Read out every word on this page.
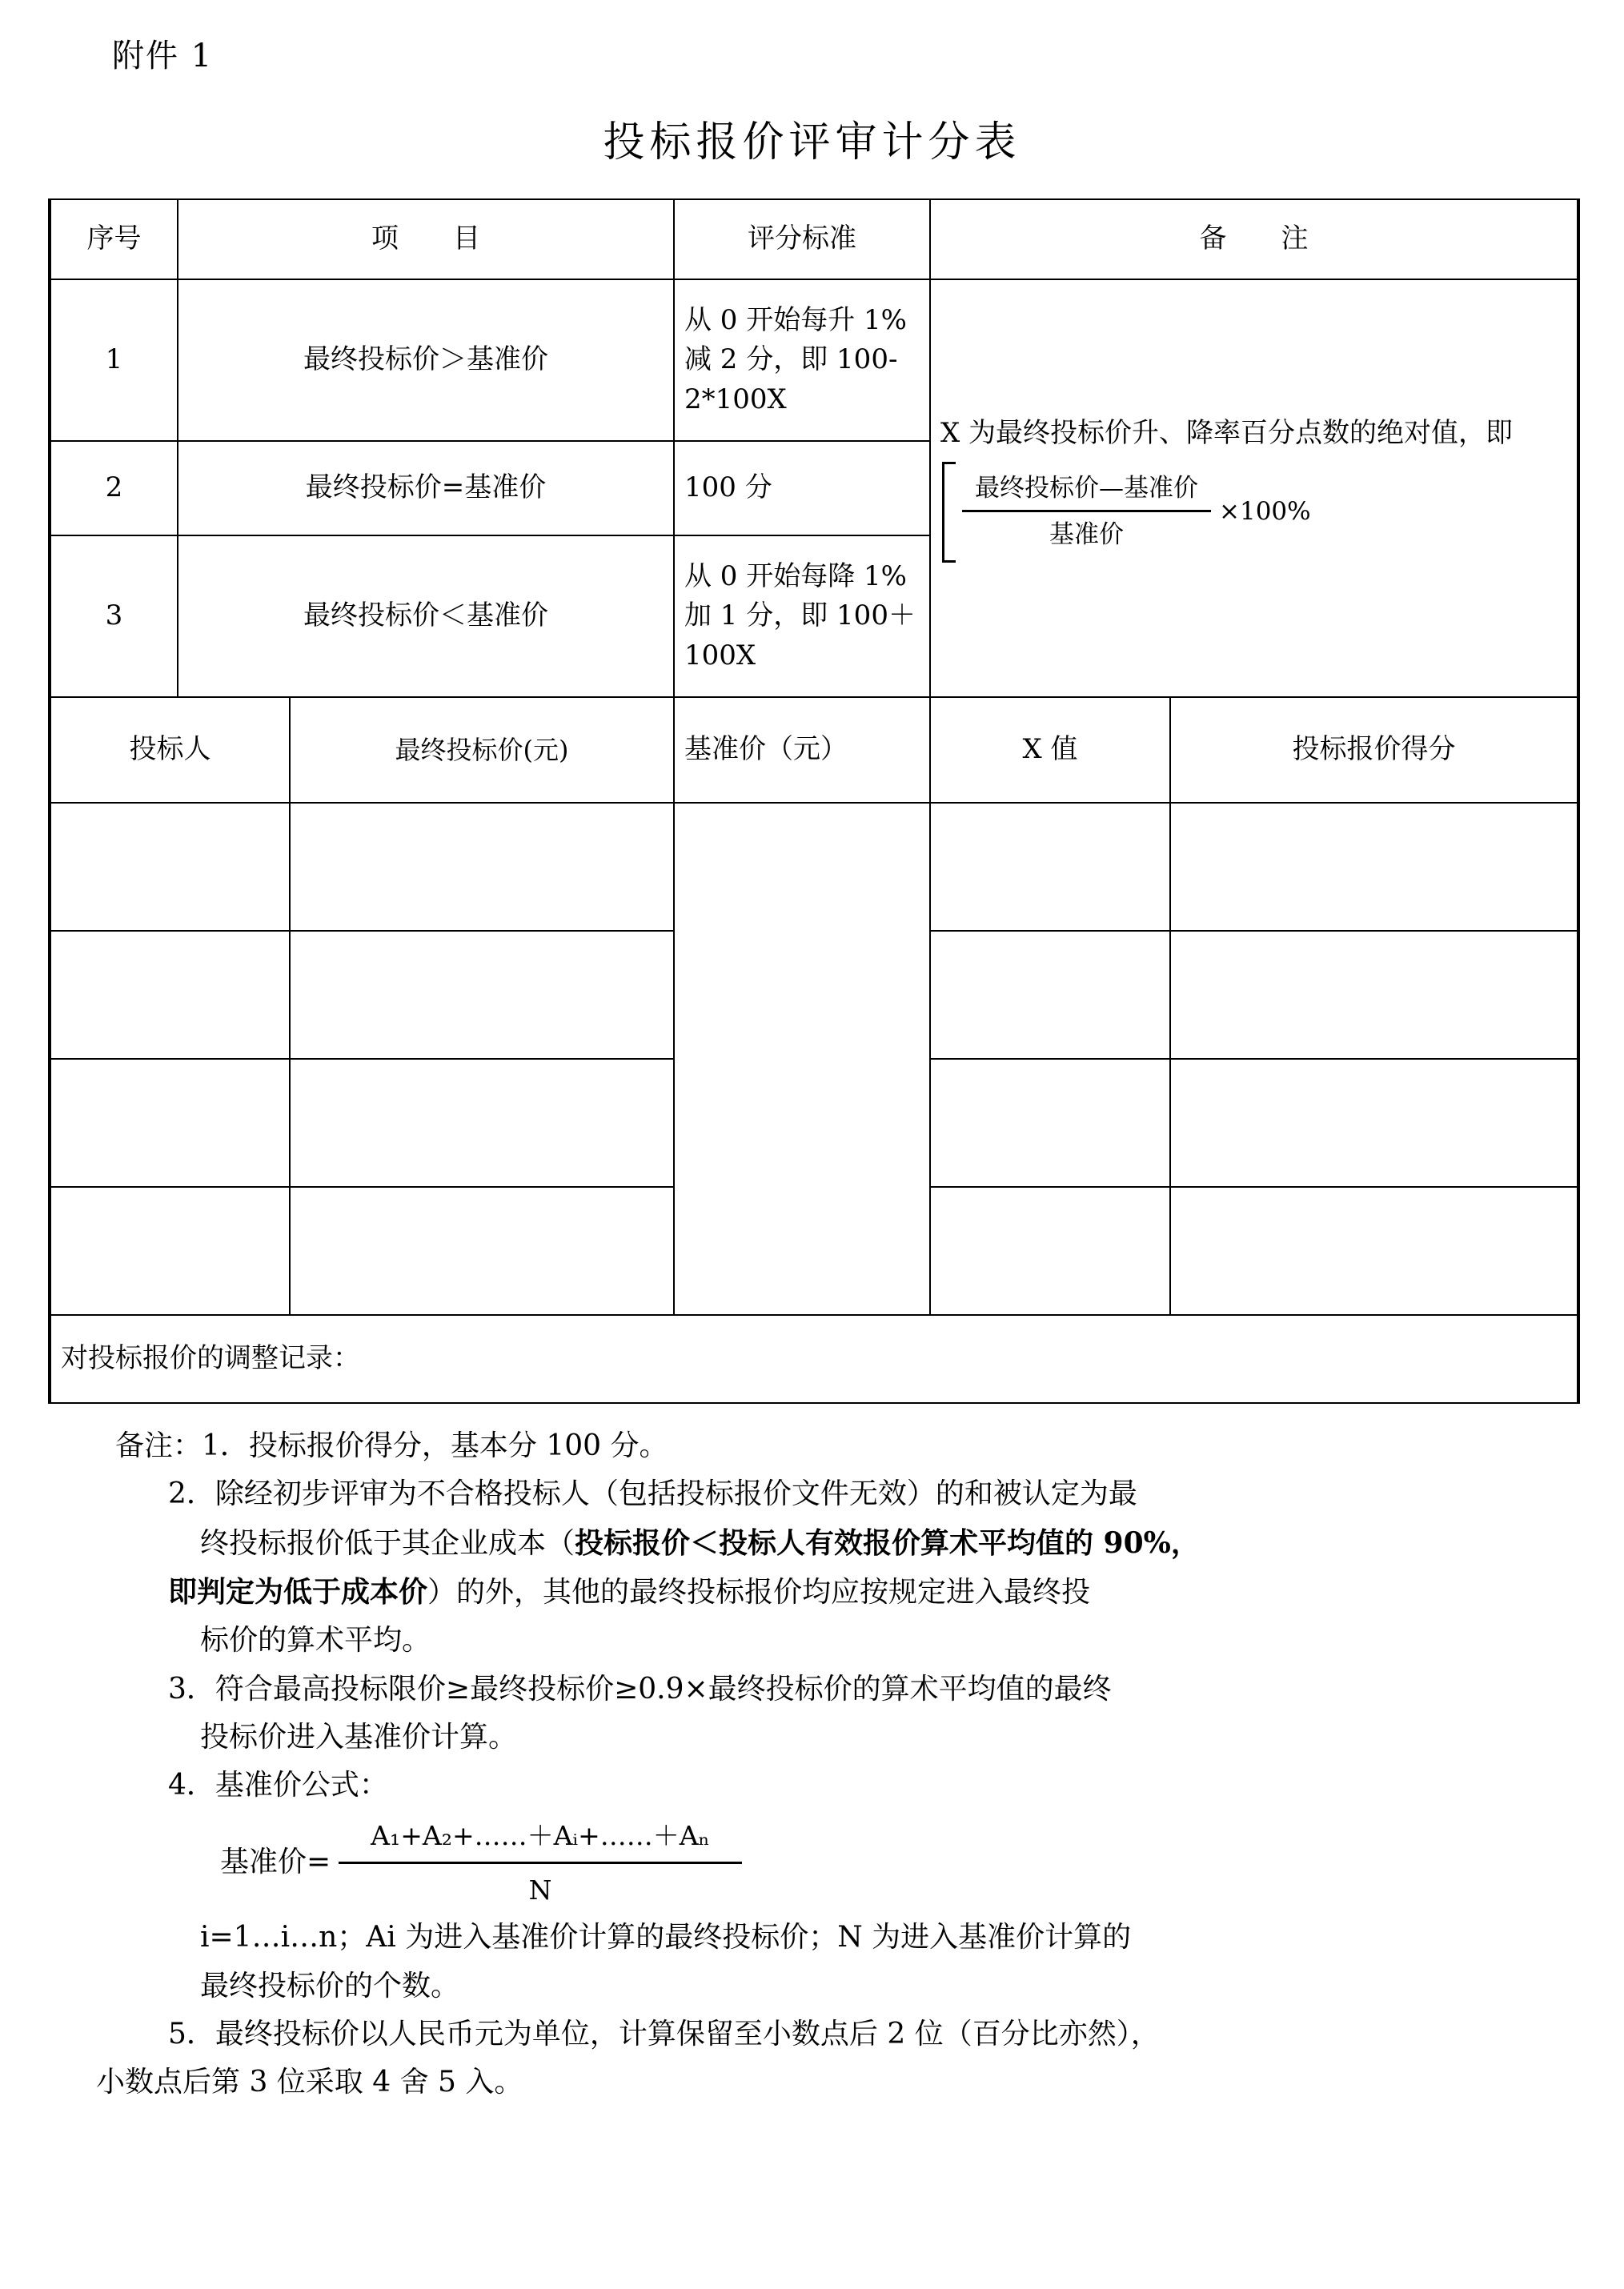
附件 1
投标报价评审计分表
序号	项　　目		评分标准	备　　注	
1	最终投标价＞基准价		从 0 开始每升 1%减 2 分，即 100-2*100X	X 为最终投标价升、降率百分点数的绝对值，即
$\frac{\text{最终投标价—基准价}}{\text{基准价}} \times 100\%$	

2	最终投标价=基准价		100 分		
3	最终投标价＜基准价		从 0 开始每降 1%加 1 分，即 100＋100X		
投标人		最终投标价(元)	基准价（元）	X 值	投标报价得分

对投标报价的调整记录：					
备注：1．投标报价得分，基本分 100 分。
2．除经初步评审为不合格投标人（包括投标报价文件无效）的和被认定为最
终投标报价低于其企业成本（投标报价＜投标人有效报价算术平均值的 90%，
即判定为低于成本价）的外，其他的最终投标报价均应按规定进入最终投
标价的算术平均。
3．符合最高投标限价≥最终投标价≥0.9×最终投标价的算术平均值的最终
投标价进入基准价计算。
4．基准价公式：
基准价= $\frac{\text{A₁+A₂+……＋Aᵢ+……＋Aₙ}}{N}$
i=1…i…n；Ai 为进入基准价计算的最终投标价；N 为进入基准价计算的
最终投标价的个数。
5．最终投标价以人民币元为单位，计算保留至小数点后 2 位（百分比亦然），
小数点后第 3 位采取 4 舍 5 入。
